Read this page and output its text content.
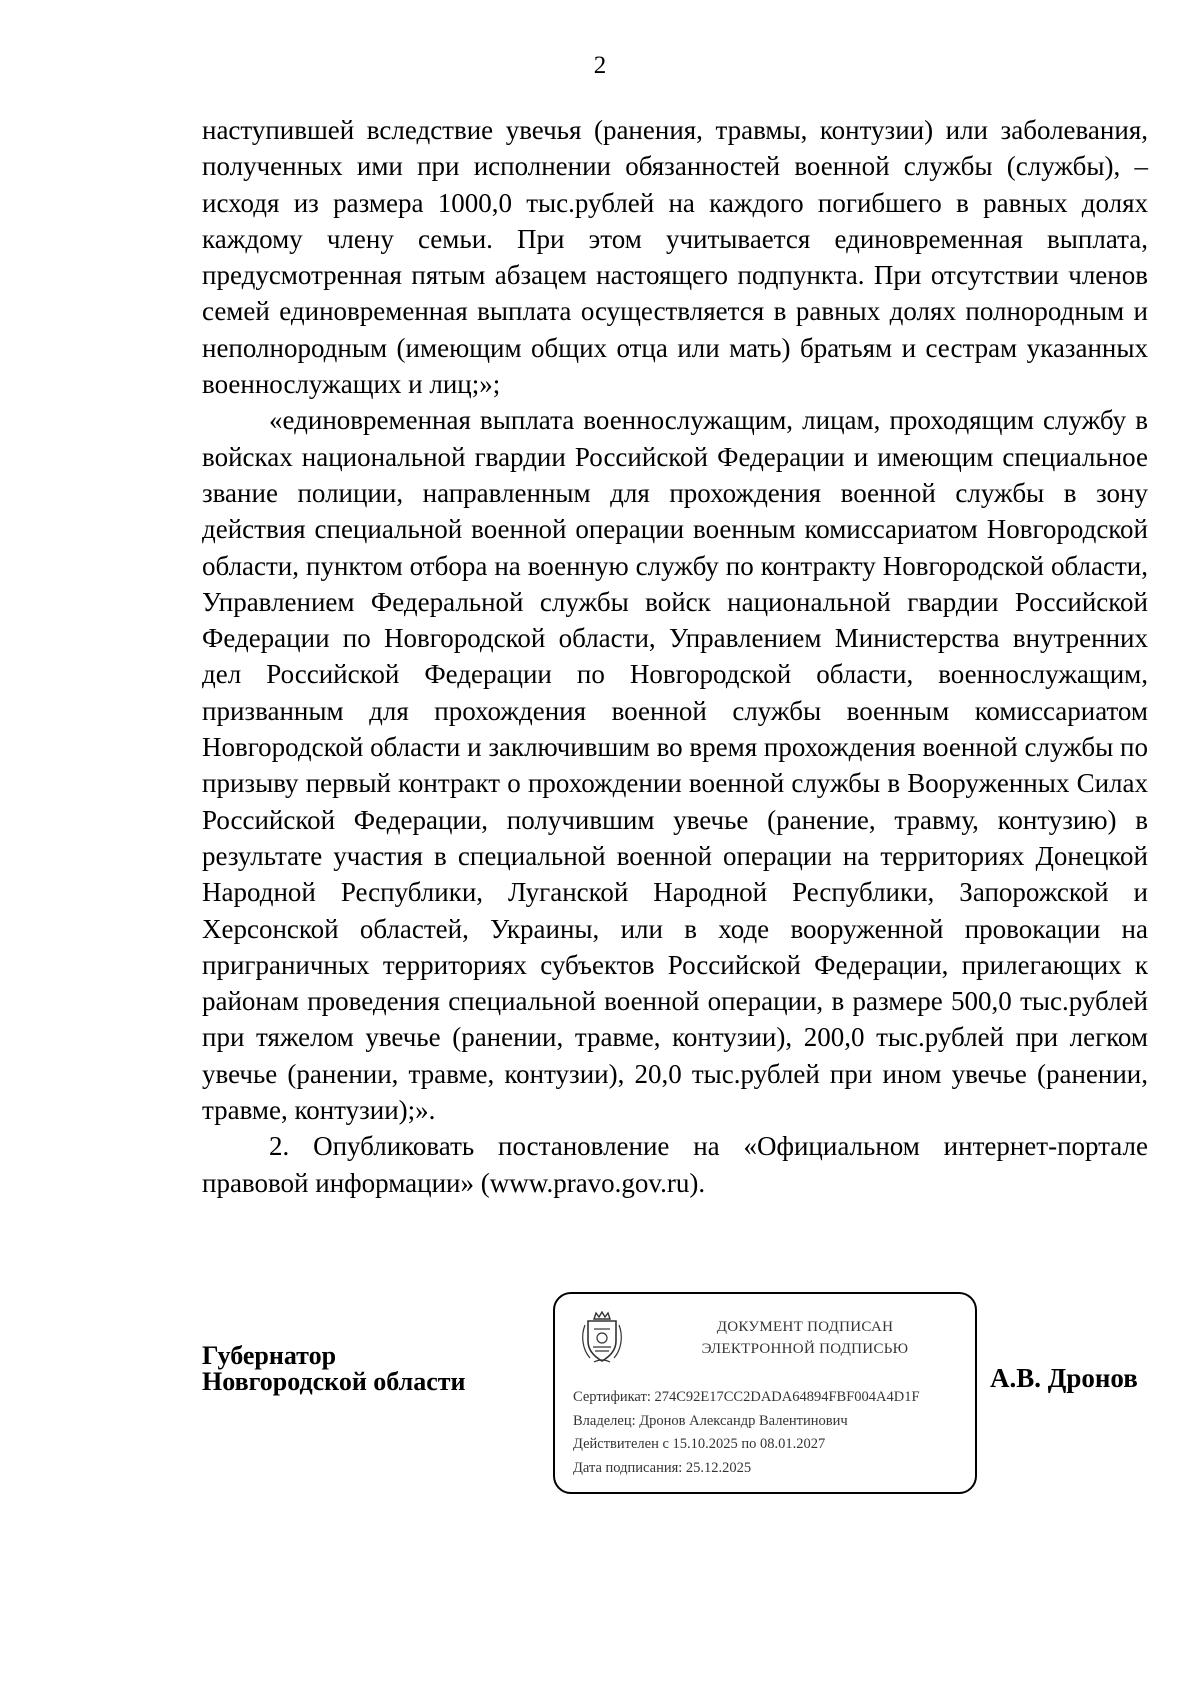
2

наступившей вследствие увечья (ранения, травмы, контузии) или заболевания, полученных ими при исполнении обязанностей военной службы (службы), – исходя из размера 1000,0 тыс.рублей на каждого погибшего в равных долях каждому члену семьи. При этом учитывается единовременная выплата, предусмотренная пятым абзацем настоящего подпункта. При отсутствии членов семей единовременная выплата осуществляется в равных долях полнородным и неполнородным (имеющим общих отца или мать) братьям и сестрам указанных военнослужащих и лиц;»;

«единовременная выплата военнослужащим, лицам, проходящим службу в войсках национальной гвардии Российской Федерации и имеющим специальное звание полиции, направленным для прохождения военной службы в зону действия специальной военной операции военным комиссариатом Новгородской области, пунктом отбора на военную службу по контракту Новгородской области, Управлением Федеральной службы войск национальной гвардии Российской Федерации по Новгородской области, Управлением Министерства внутренних дел Российской Федерации по Новгородской области, военнослужащим, призванным для прохождения военной службы военным комиссариатом Новгородской области и заключившим во время прохождения военной службы по призыву первый контракт о прохождении военной службы в Вооруженных Силах Российской Федерации, получившим увечье (ранение, травму, контузию) в результате участия в специальной военной операции на территориях Донецкой Народной Республики, Луганской Народной Республики, Запорожской и Херсонской областей, Украины, или в ходе вооруженной провокации на приграничных территориях субъектов Российской Федерации, прилегающих к районам проведения специальной военной операции, в размере 500,0 тыс.рублей при тяжелом увечье (ранении, травме, контузии), 200,0 тыс.рублей при легком увечье (ранении, травме, контузии), 20,0 тыс.рублей при ином увечье (ранении, травме, контузии);».

2. Опубликовать постановление на «Официальном интернет-портале правовой информации» (www.pravo.gov.ru).

Губернатор
Новгородской области
ДОКУМЕНТ ПОДПИСАН
ЭЛЕКТРОННОЙ ПОДПИСЬЮ
Сертификат: 274C92E17CC2DADA64894FBF004A4D1F
Владелец: Дронов Александр Валентинович
Действителен с 15.10.2025 по 08.01.2027
Дата подписания: 25.12.2025
А.В. Дронов
